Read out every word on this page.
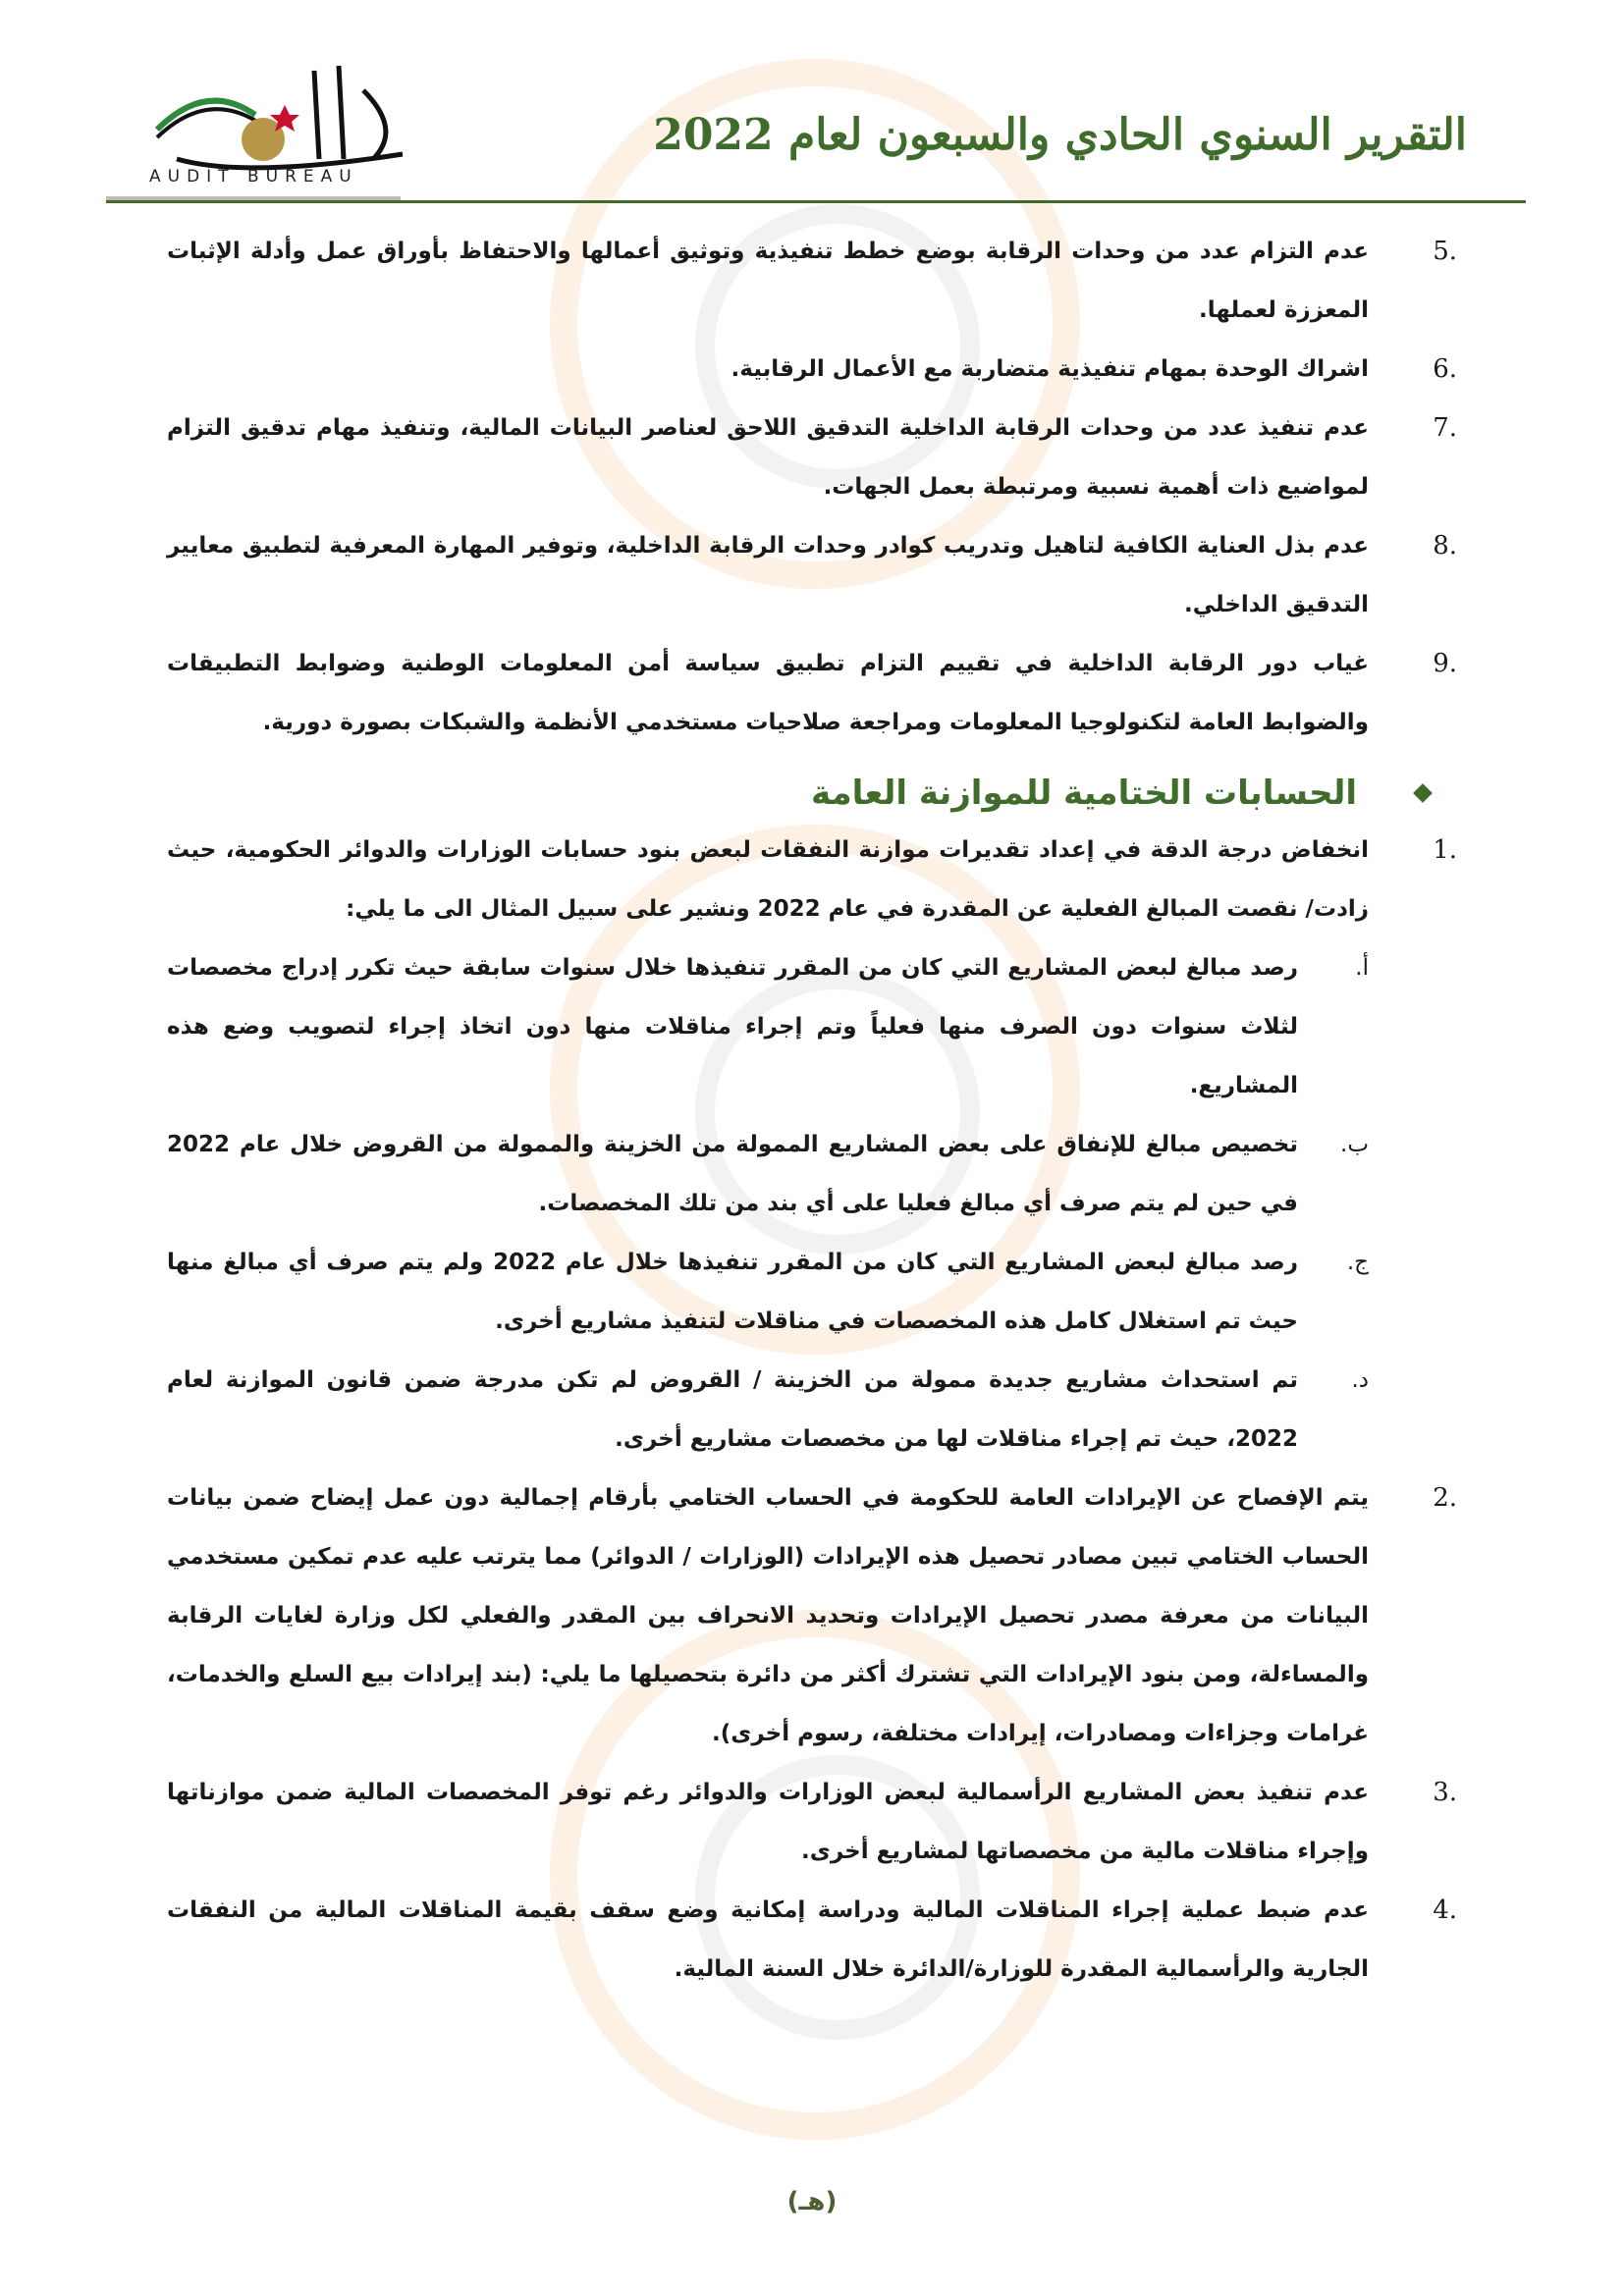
AUDIT BUREAU
التقرير السنوي الحادي والسبعون لعام 2022
.5
عدم التزام عدد من وحدات الرقابة بوضع خطط تنفيذية وتوثيق أعمالها والاحتفاظ بأوراق عمل وأدلة الإثبات المعززة لعملها.
.6
اشراك الوحدة بمهام تنفيذية متضاربة مع الأعمال الرقابية.
.7
عدم تنفيذ عدد من وحدات الرقابة الداخلية التدقيق اللاحق لعناصر البيانات المالية، وتنفيذ مهام تدقيق التزام لمواضيع ذات أهمية نسبية ومرتبطة بعمل الجهات.
.8
عدم بذل العناية الكافية لتاهيل وتدريب كوادر وحدات الرقابة الداخلية، وتوفير المهارة المعرفية لتطبيق معايير التدقيق الداخلي.
.9
غياب دور الرقابة الداخلية في تقييم التزام تطبيق سياسة أمن المعلومات الوطنية وضوابط التطبيقات والضوابط العامة لتكنولوجيا المعلومات ومراجعة صلاحيات مستخدمي الأنظمة والشبكات بصورة دورية.
الحسابات الختامية للموازنة العامة
.1
انخفاض درجة الدقة في إعداد تقديرات موازنة النفقات لبعض بنود حسابات الوزارات والدوائر الحكومية، حيث زادت/ نقصت المبالغ الفعلية عن المقدرة في عام 2022 ونشير على سبيل المثال الى ما يلي:
أ.
رصد مبالغ لبعض المشاريع التي كان من المقرر تنفيذها خلال سنوات سابقة حيث تكرر إدراج مخصصات لثلاث سنوات دون الصرف منها فعلياً وتم إجراء مناقلات منها دون اتخاذ إجراء لتصويب وضع هذه المشاريع.
ب.
تخصيص مبالغ للإنفاق على بعض المشاريع الممولة من الخزينة والممولة من القروض خلال عام 2022 في حين لم يتم صرف أي مبالغ فعليا على أي بند من تلك المخصصات.
ج.
رصد مبالغ لبعض المشاريع التي كان من المقرر تنفيذها خلال عام 2022 ولم يتم صرف أي مبالغ منها حيث تم استغلال كامل هذه المخصصات في مناقلات لتنفيذ مشاريع أخرى.
د.
تم استحداث مشاريع جديدة ممولة من الخزينة / القروض لم تكن مدرجة ضمن قانون الموازنة لعام 2022، حيث تم إجراء مناقلات لها من مخصصات مشاريع أخرى.
.2
يتم الإفصاح عن الإيرادات العامة للحكومة في الحساب الختامي بأرقام إجمالية دون عمل إيضاح ضمن بيانات الحساب الختامي تبين مصادر تحصيل هذه الإيرادات (الوزارات / الدوائر) مما يترتب عليه عدم تمكين مستخدمي البيانات من معرفة مصدر تحصيل الإيرادات وتحديد الانحراف بين المقدر والفعلي لكل وزارة لغايات الرقابة والمساءلة، ومن بنود الإيرادات التي تشترك أكثر من دائرة بتحصيلها ما يلي: (بند إيرادات بيع السلع والخدمات، غرامات وجزاءات ومصادرات، إيرادات مختلفة، رسوم أخرى).
.3
عدم تنفيذ بعض المشاريع الرأسمالية لبعض الوزارات والدوائر رغم توفر المخصصات المالية ضمن موازناتها وإجراء مناقلات مالية من مخصصاتها لمشاريع أخرى.
.4
عدم ضبط عملية إجراء المناقلات المالية ودراسة إمكانية وضع سقف بقيمة المناقلات المالية من النفقات الجارية والرأسمالية المقدرة للوزارة/الدائرة خلال السنة المالية.
(هـ)
